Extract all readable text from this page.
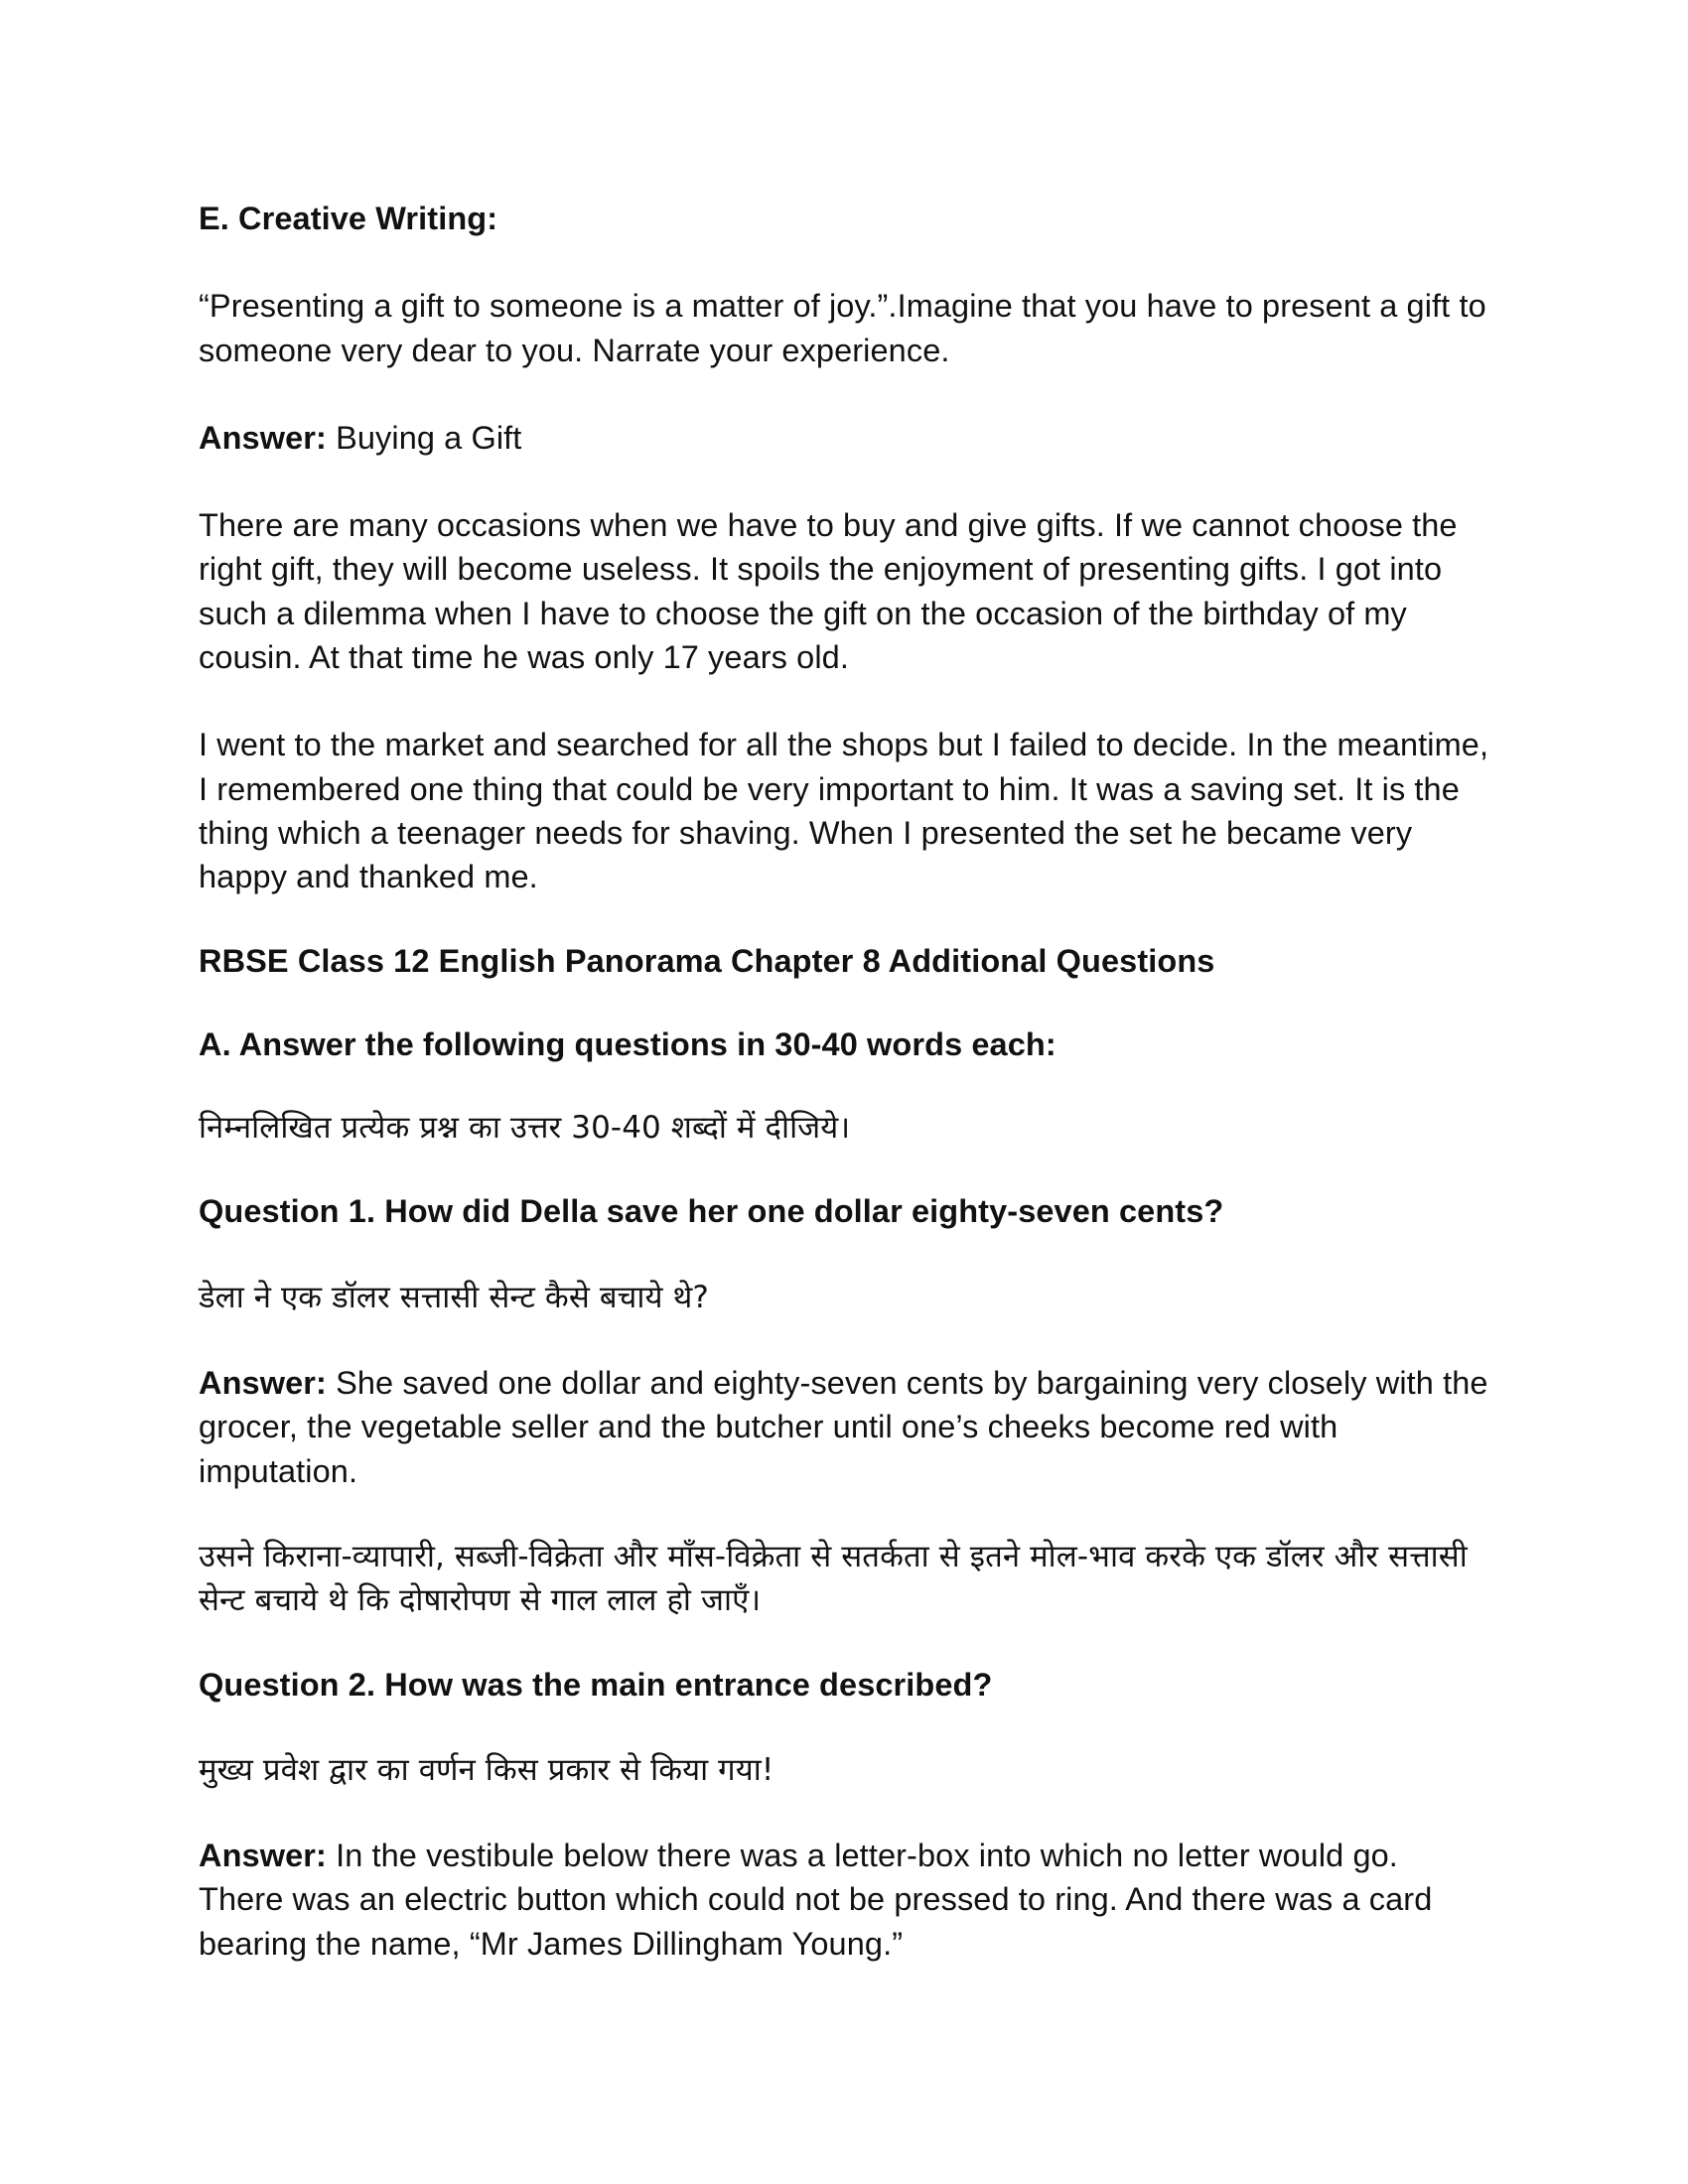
E. Creative Writing:

“Presenting a gift to someone is a matter of joy.”.Imagine that you have to present a gift to someone very dear to you. Narrate your experience.

Answer: Buying a Gift

There are many occasions when we have to buy and give gifts. If we cannot choose the right gift, they will become useless. It spoils the enjoyment of presenting gifts. I got into such a dilemma when I have to choose the gift on the occasion of the birthday of my cousin. At that time he was only 17 years old.

I went to the market and searched for all the shops but I failed to decide. In the meantime, I remembered one thing that could be very important to him. It was a saving set. It is the thing which a teenager needs for shaving. When I presented the set he became very happy and thanked me.

RBSE Class 12 English Panorama Chapter 8 Additional Questions

A. Answer the following questions in 30-40 words each:

निम्नलिखित प्रत्येक प्रश्न का उत्तर 30-40 शब्दों में दीजिये।

Question 1. How did Della save her one dollar eighty-seven cents?

डेला ने एक डॉलर सत्तासी सेन्ट कैसे बचाये थे?

Answer: She saved one dollar and eighty-seven cents by bargaining very closely with the grocer, the vegetable seller and the butcher until one’s cheeks become red with imputation.

उसने किराना-व्यापारी, सब्जी-विक्रेता और माँस-विक्रेता से सतर्कता से इतने मोल-भाव करके एक डॉलर और सत्तासी सेन्ट बचाये थे कि दोषारोपण से गाल लाल हो जाएँ।

Question 2. How was the main entrance described?

मुख्य प्रवेश द्वार का वर्णन किस प्रकार से किया गया!

Answer: In the vestibule below there was a letter-box into which no letter would go. There was an electric button which could not be pressed to ring. And there was a card bearing the name, “Mr James Dillingham Young.”
